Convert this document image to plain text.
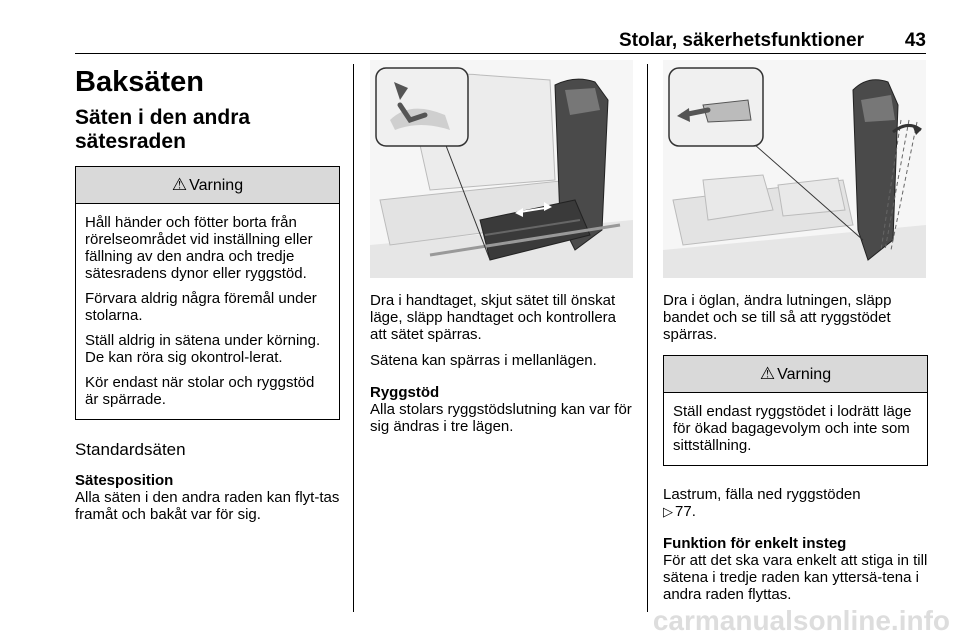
Stolar, säkerhetsfunktioner 43
Baksäten
Säten i den andra
sätesraden
⚠ Varning

Håll händer och fötter borta från rörelseområdet vid inställning eller fällning av den andra och tredje sätesradens dynor eller ryggstöd.

Förvara aldrig några föremål under stolarna.

Ställ aldrig in sätena under körning. De kan röra sig okontrol-lerat.

Kör endast när stolar och ryggstöd är spärrade.

Standardsäten
Sätesposition

Alla säten i den andra raden kan flyt-tas framåt och bakåt var för sig.

Dra i handtaget, skjut sätet till önskat läge, släpp handtaget och kontrollera att sätet spärras.

Sätena kan spärras i mellanlägen.

Ryggstöd

Alla stolars ryggstödslutning kan var för sig ändras i tre lägen.

Dra i öglan, ändra lutningen, släpp bandet och se till så att ryggstödet spärras.

⚠ Varning

Ställ endast ryggstödet i lodrätt läge för ökad bagagevolym och inte som sittställning.

Lastrum, fälla ned ryggstöden
▷ 77.

Funktion för enkelt insteg

För att det ska vara enkelt att stiga in till sätena i tredje raden kan yttersä-tena i andra raden flyttas.

carmanualsonline.info
